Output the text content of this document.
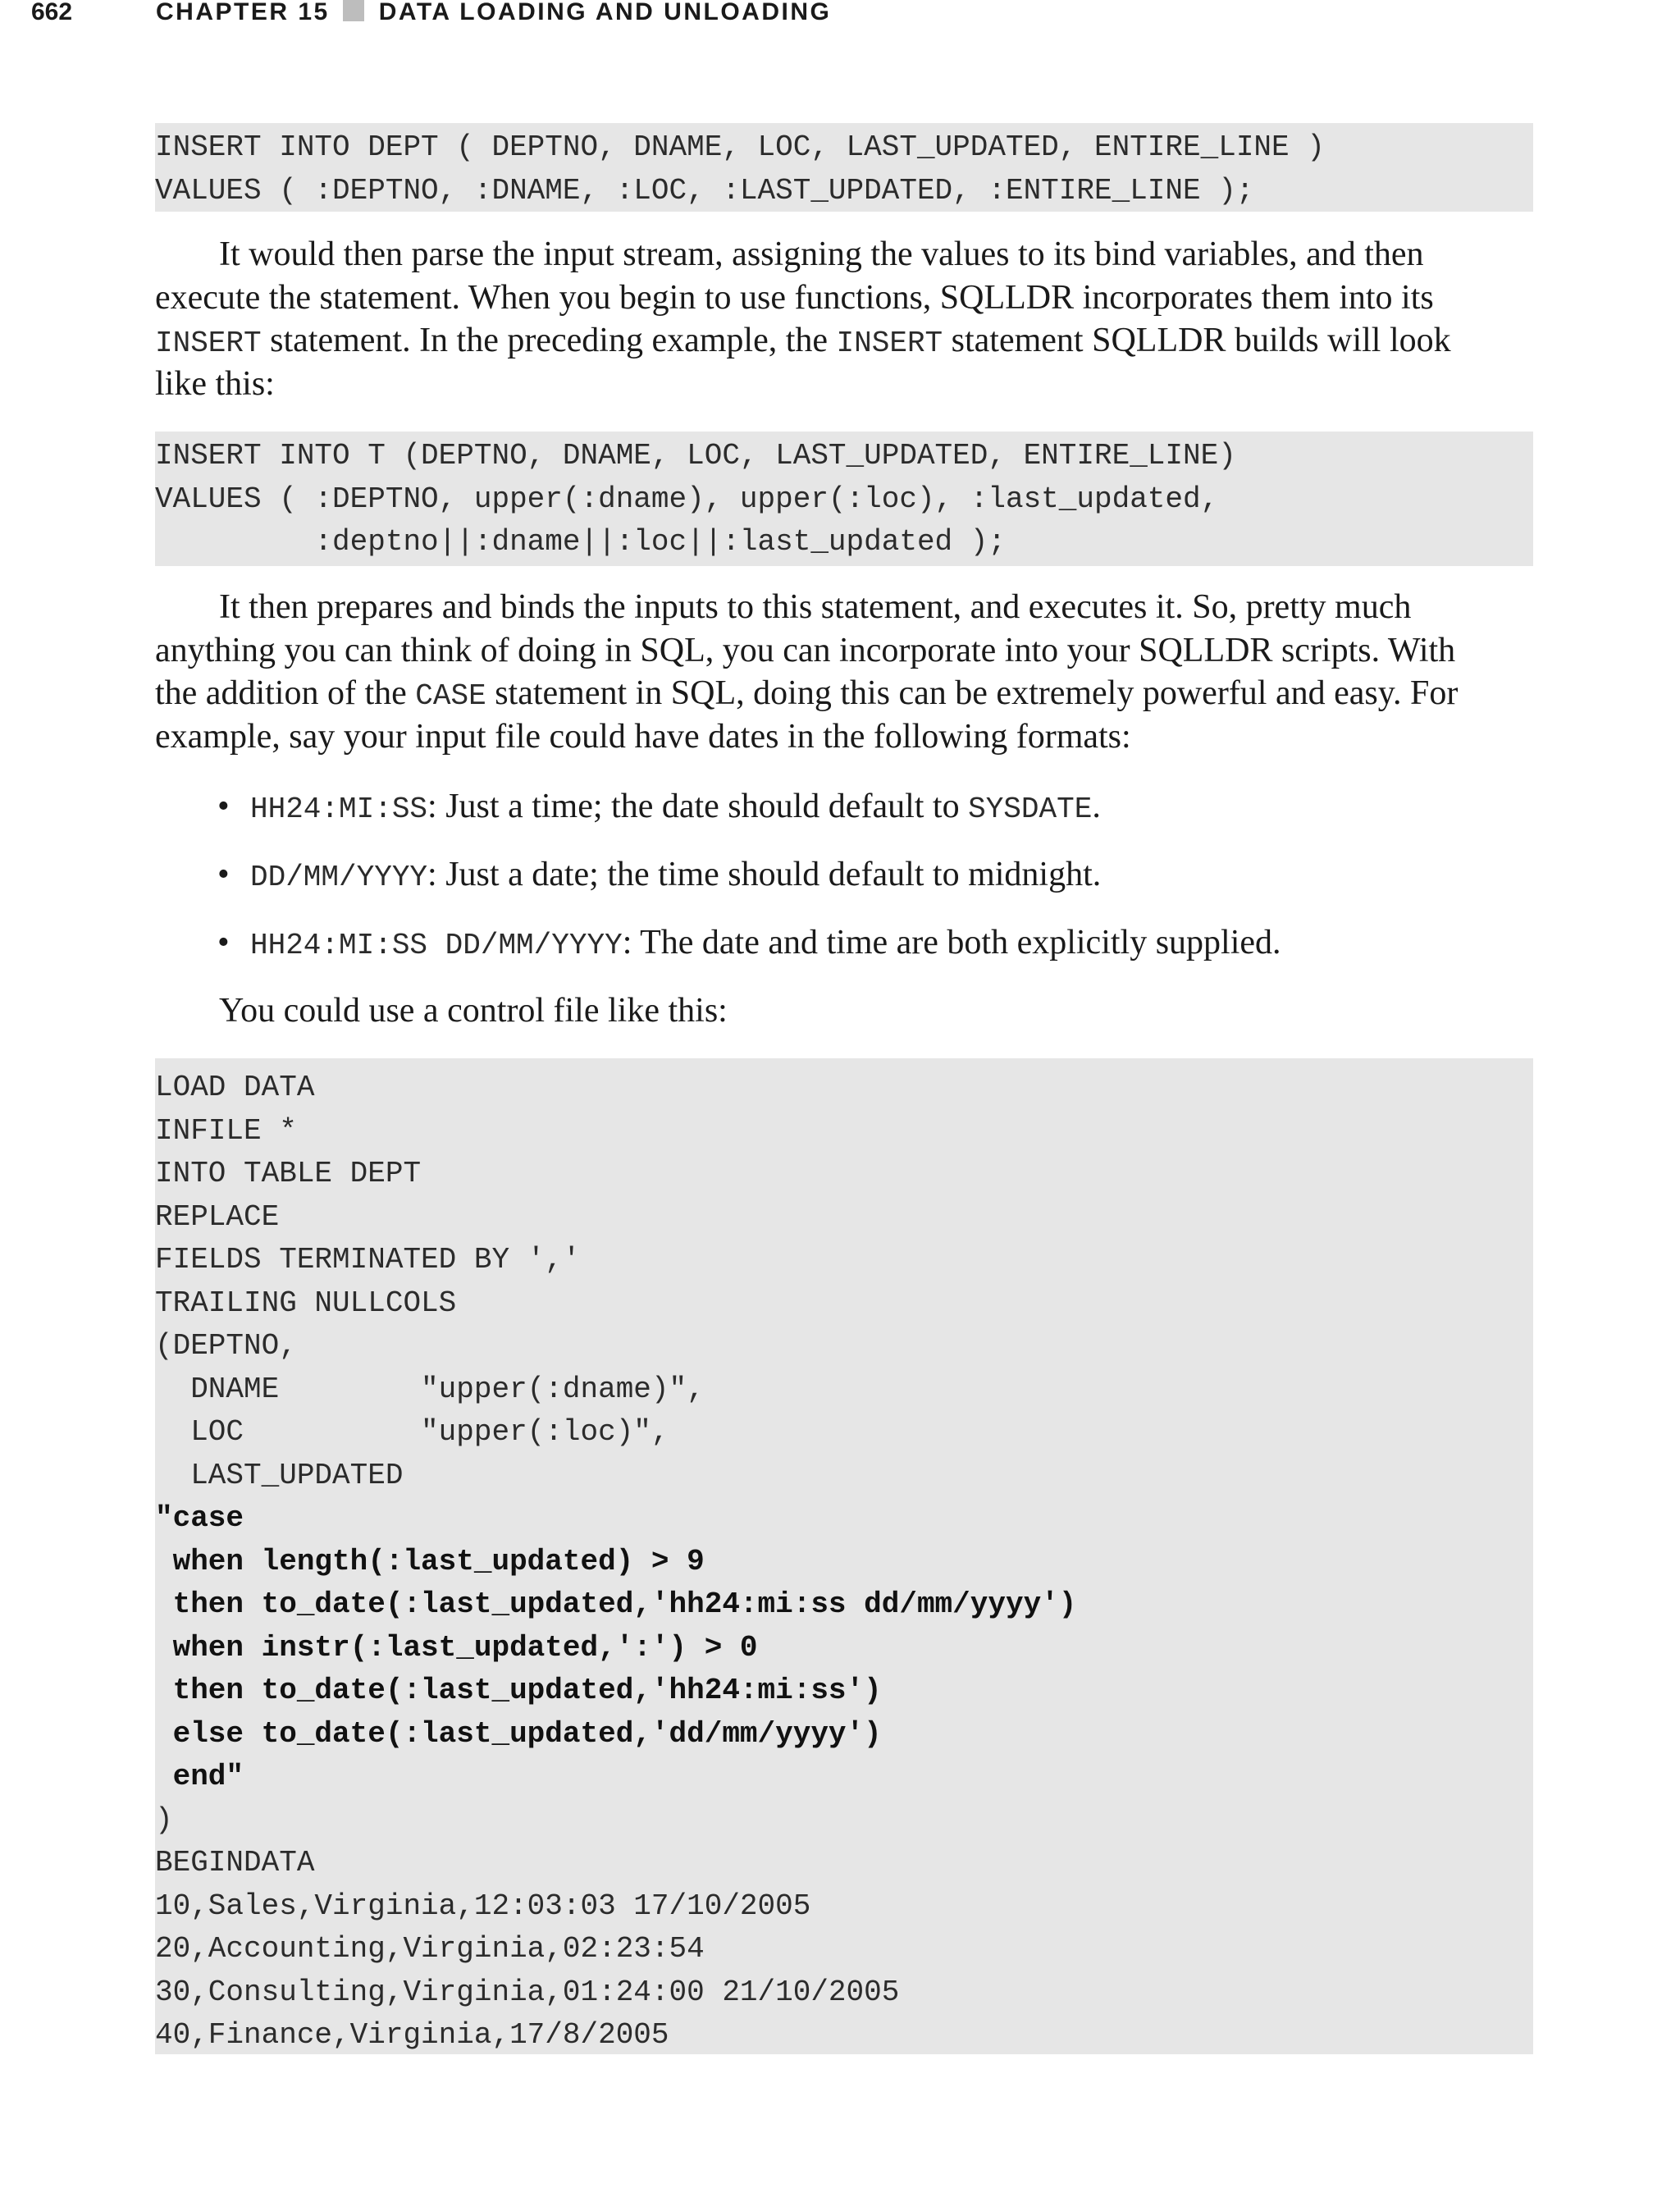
662	CHAPTER 15 DATA LOADING AND UNLOADING
INSERT INTO DEPT ( DEPTNO, DNAME, LOC, LAST_UPDATED, ENTIRE_LINE )
VALUES ( :DEPTNO, :DNAME, :LOC, :LAST_UPDATED, :ENTIRE_LINE );
It would then parse the input stream, assigning the values to its bind variables, and then
execute the statement. When you begin to use functions, SQLLDR incorporates them into its
INSERT statement. In the preceding example, the INSERT statement SQLLDR builds will look
like this:
INSERT INTO T (DEPTNO, DNAME, LOC, LAST_UPDATED, ENTIRE_LINE)
VALUES ( :DEPTNO, upper(:dname), upper(:loc), :last_updated,
:deptno||:dname||:loc||:last_updated );
It then prepares and binds the inputs to this statement, and executes it. So, pretty much
anything you can think of doing in SQL, you can incorporate into your SQLLDR scripts. With
the addition of the CASE statement in SQL, doing this can be extremely powerful and easy. For
example, say your input file could have dates in the following formats:
• HH24:MI:SS: Just a time; the date should default to SYSDATE.
• DD/MM/YYYY: Just a date; the time should default to midnight.
• HH24:MI:SS DD/MM/YYYY: The date and time are both explicitly supplied.
You could use a control file like this:
LOAD DATA
INFILE *
INTO TABLE DEPT
REPLACE
FIELDS TERMINATED BY ','
TRAILING NULLCOLS
(DEPTNO,
DNAME        "upper(:dname)",
LOC          "upper(:loc)",
LAST_UPDATED
"case
when length(:last_updated) > 9
then to_date(:last_updated,'hh24:mi:ss dd/mm/yyyy')
when instr(:last_updated,':') > 0
then to_date(:last_updated,'hh24:mi:ss')
else to_date(:last_updated,'dd/mm/yyyy')
end"
)
BEGINDATA
10,Sales,Virginia,12:03:03 17/10/2005
20,Accounting,Virginia,02:23:54
30,Consulting,Virginia,01:24:00 21/10/2005
40,Finance,Virginia,17/8/2005
